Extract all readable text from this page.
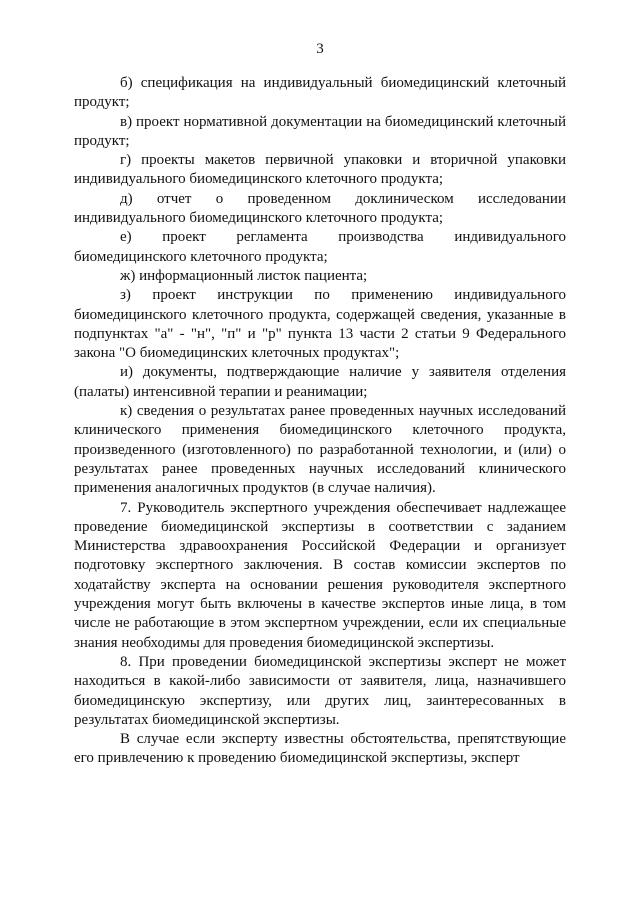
3

б) спецификация на индивидуальный биомедицинский клеточный продукт;

в) проект нормативной документации на биомедицинский клеточный продукт;

г) проекты макетов первичной упаковки и вторичной упаковки индивидуального биомедицинского клеточного продукта;

д) отчет о проведенном доклиническом исследовании индивидуального биомедицинского клеточного продукта;

е) проект регламента производства индивидуального биомедицинского клеточного продукта;

ж) информационный листок пациента;

з) проект инструкции по применению индивидуального биомедицинского клеточного продукта, содержащей сведения, указанные в подпунктах "а" - "н", "п" и "р" пункта 13 части 2 статьи 9 Федерального закона "О биомедицинских клеточных продуктах";

и) документы, подтверждающие наличие у заявителя отделения (палаты) интенсивной терапии и реанимации;

к) сведения о результатах ранее проведенных научных исследований клинического применения биомедицинского клеточного продукта, произведенного (изготовленного) по разработанной технологии, и (или) о результатах ранее проведенных научных исследований клинического применения аналогичных продуктов (в случае наличия).

7. Руководитель экспертного учреждения обеспечивает надлежащее проведение биомедицинской экспертизы в соответствии с заданием Министерства здравоохранения Российской Федерации и организует подготовку экспертного заключения. В состав комиссии экспертов по ходатайству эксперта на основании решения руководителя экспертного учреждения могут быть включены в качестве экспертов иные лица, в том числе не работающие в этом экспертном учреждении, если их специальные знания необходимы для проведения биомедицинской экспертизы.

8. При проведении биомедицинской экспертизы эксперт не может находиться в какой-либо зависимости от заявителя, лица, назначившего биомедицинскую экспертизу, или других лиц, заинтересованных в результатах биомедицинской экспертизы.

В случае если эксперту известны обстоятельства, препятствующие его привлечению к проведению биомедицинской экспертизы, эксперт
